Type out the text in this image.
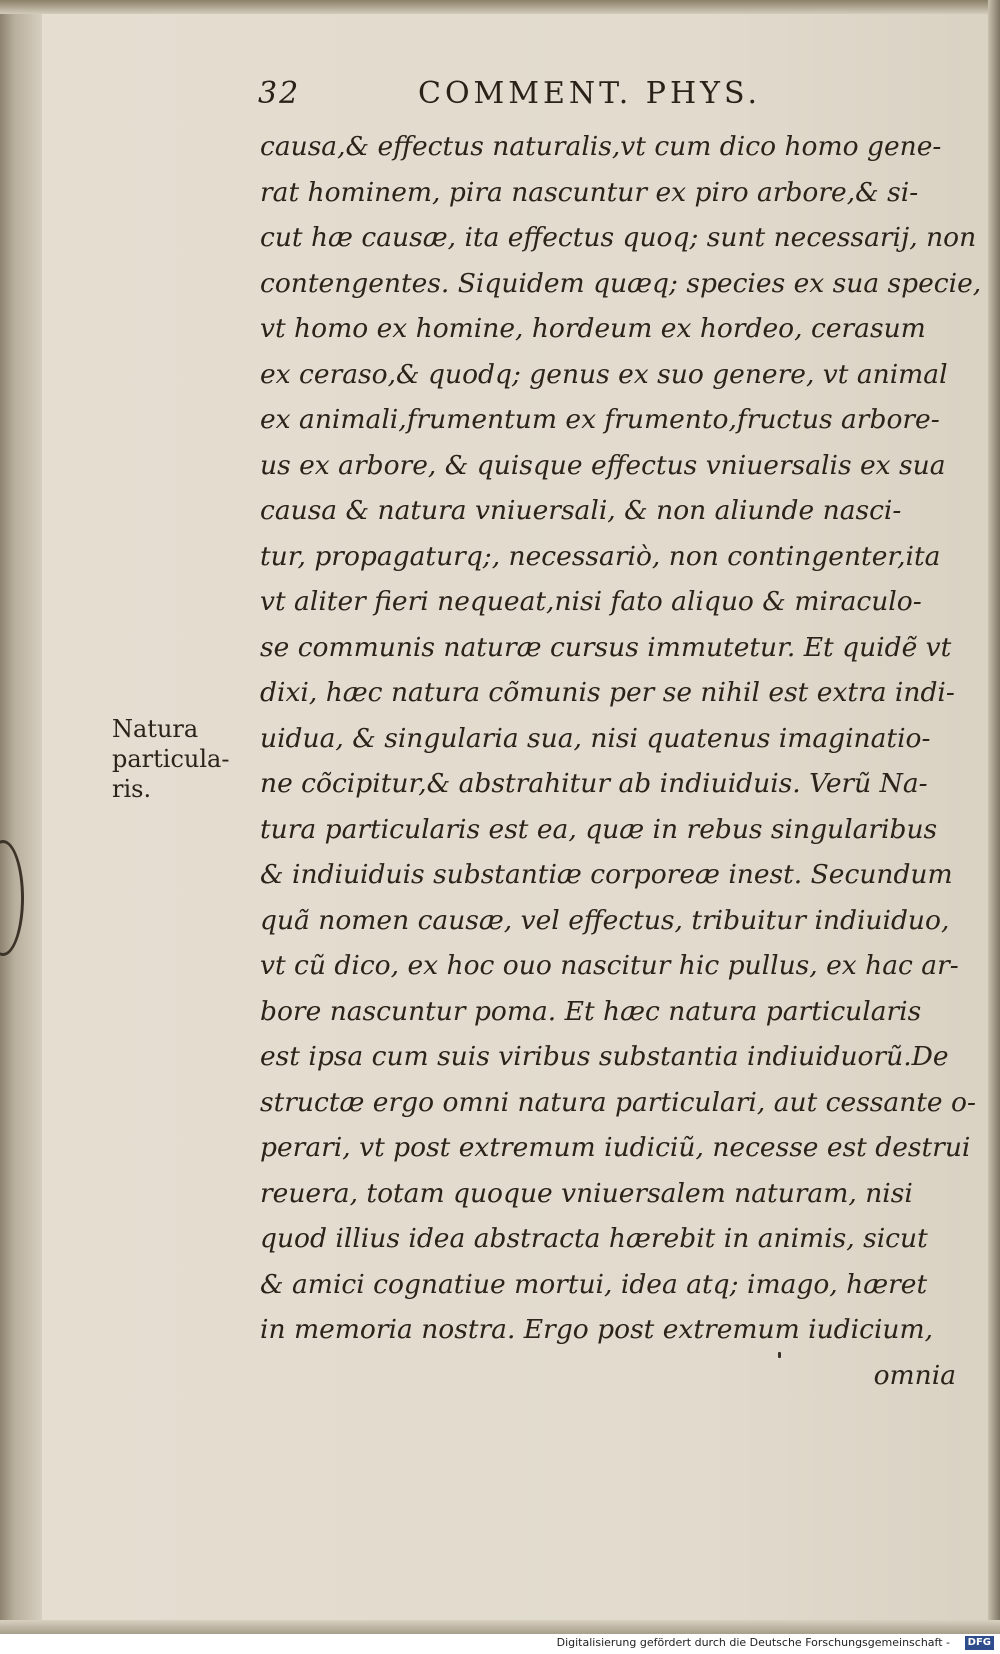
32	COMMENT. PHYS.
Natura
particula-
ris.
causa,& effectus naturalis,vt cum dico homo gene-
rat hominem, pira nascuntur ex piro arbore,& si-
cut hæ causæ, ita effectus quoq; sunt necessarij, non
contengentes. Siquidem quæq; species ex sua specie,
vt homo ex homine, hordeum ex hordeo, cerasum
ex ceraso,& quodq; genus ex suo genere, vt animal
ex animali,frumentum ex frumento,fructus arbore-
us ex arbore, & quisque effectus vniuersalis ex sua
causa & natura vniuersali, & non aliunde nasci-
tur, propagaturq;, necessariò, non contingenter,ita
vt aliter fieri nequeat,nisi fato aliquo & miraculo-
se communis naturæ cursus immutetur. Et quidẽ vt
dixi, hæc natura cõmunis per se nihil est extra indi-
uidua, & singularia sua, nisi quatenus imaginatio-
ne cõcipitur,& abstrahitur ab indiuiduis. Verũ Na-
tura particularis est ea, quæ in rebus singularibus
& indiuiduis substantiæ corporeæ inest. Secundum
quã nomen causæ, vel effectus, tribuitur indiuiduo,
vt cũ dico, ex hoc ouo nascitur hic pullus, ex hac ar-
bore nascuntur poma. Et hæc natura particularis
est ipsa cum suis viribus substantia indiuiduorũ.De
structæ ergo omni natura particulari, aut cessante o-
perari, vt post extremum iudiciũ, necesse est destrui
reuera, totam quoque vniuersalem naturam, nisi
quod illius idea abstracta hærebit in animis, sicut
& amici cognatiue mortui, idea atq; imago, hæret
in memoria nostra. Ergo post extremum iudicium,
omnia
Digitalisierung gefördert durch die Deutsche Forschungsgemeinschaft -	DFG
